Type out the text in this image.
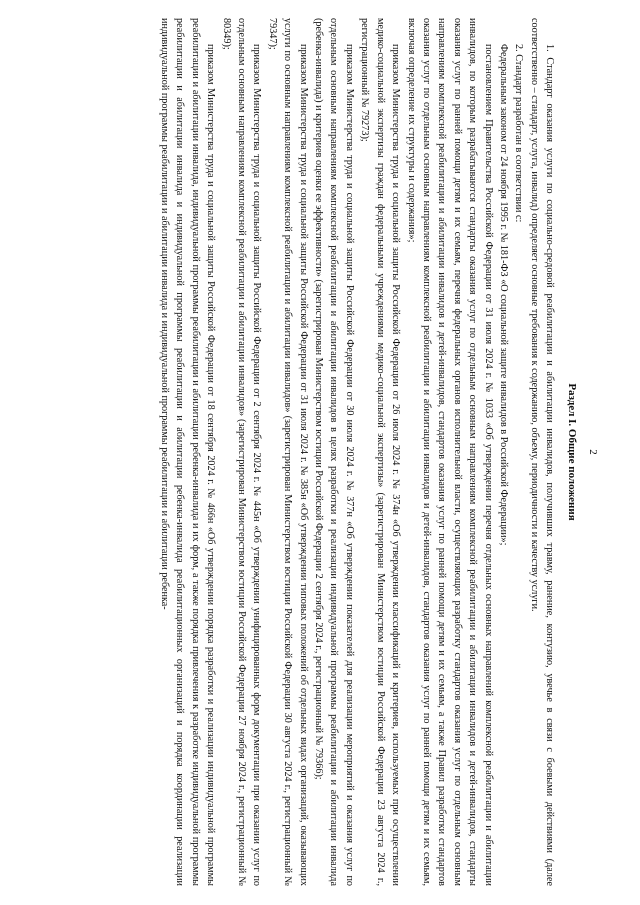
2
Раздел I. Общие положения

1. Стандарт оказания услуги по социально-средовой реабилитации и абилитации инвалидов, получивших травму, ранение, контузию, увечье в связи с боевыми действиями (далее соответственно – стандарт, услуга, инвалид) определяет основные требования к содержанию, объему, периодичности и качеству услуги.

2. Стандарт разработан в соответствии с:

Федеральным законом от 24 ноября 1995 г. № 181-ФЗ «О социальной защите инвалидов в Российской Федерации»;

постановлением Правительства Российской Федерации от 31 июля 2024 г. № 1033 «Об утверждении перечня отдельных основных направлений комплексной реабилитации и абилитации инвалидов, по которым разрабатываются стандарты оказания услуг по отдельным основным направлениям комплексной реабилитации и абилитации инвалидов и детей-инвалидов, стандарты оказания услуг по ранней помощи детям и их семьям, перечня федеральных органов исполнительной власти, осуществляющих разработку стандартов оказания услуг по отдельным основным направлениям комплексной реабилитации и абилитации инвалидов и детей-инвалидов, стандартов оказания услуг по ранней помощи детям и их семьям, а также Правил разработки стандартов оказания услуг по отдельным основным направлениям комплексной реабилитации и абилитации инвалидов и детей-инвалидов, стандартов оказания услуг по ранней помощи детям и их семьям, включая определение их структуры и содержания»;

приказом Министерства труда и социальной защиты Российской Федерации от 26 июля 2024 г. № 374н «Об утверждении классификаций и критериев, используемых при осуществлении медико-социальной экспертизы граждан федеральными учреждениями медико-социальной экспертизы» (зарегистрирован Министерством юстиции Российской Федерации 23 августа 2024 г., регистрационный № 79273);

приказом Министерства труда и социальной защиты Российской Федерации от 30 июля 2024 г. № 377н «Об утверждении показателей для реализации мероприятий и оказания услуг по отдельным основным направлениям комплексной реабилитации и абилитации инвалидов в целях разработки и реализации индивидуальной программы реабилитации и абилитации инвалида (ребенка-инвалида) и критериев оценки ее эффективности» (зарегистрирован Министерством юстиции Российской Федерации 2 сентября 2024 г., регистрационный № 79366);

приказом Министерства труда и социальной защиты Российской Федерации от 31 июля 2024 г. № 385н «Об утверждении типовых положений об отдельных видах организаций, оказывающих услуги по основным направлениям комплексной реабилитации и абилитации инвалидов» (зарегистрирован Министерством юстиции Российской Федерации 30 августа 2024 г., регистрационный № 79347);

приказом Министерства труда и социальной защиты Российской Федерации от 2 сентября 2024 г. № 445н «Об утверждении унифицированных форм документации при оказании услуг по отдельным основным направлениям комплексной реабилитации и абилитации инвалидов» (зарегистрирован Министерством юстиции Российской Федерации 27 ноября 2024 г., регистрационный № 80349);

приказом Министерства труда и социальной защиты Российской Федерации от 18 сентября 2024 г. № 466н «Об утверждении порядка разработки и реализации индивидуальной программы реабилитации и абилитации инвалида, индивидуальной программы реабилитации и абилитации ребенка-инвалида и их форм, а также порядка привлечения к разработке индивидуальной программы реабилитации и абилитации инвалида и индивидуальной программы реабилитации и абилитации ребенка-инвалида реабилитационных организаций и порядка координации реализации индивидуальной программы реабилитации и абилитации инвалида и индивидуальной программы реабилитации и абилитации ребенка-
